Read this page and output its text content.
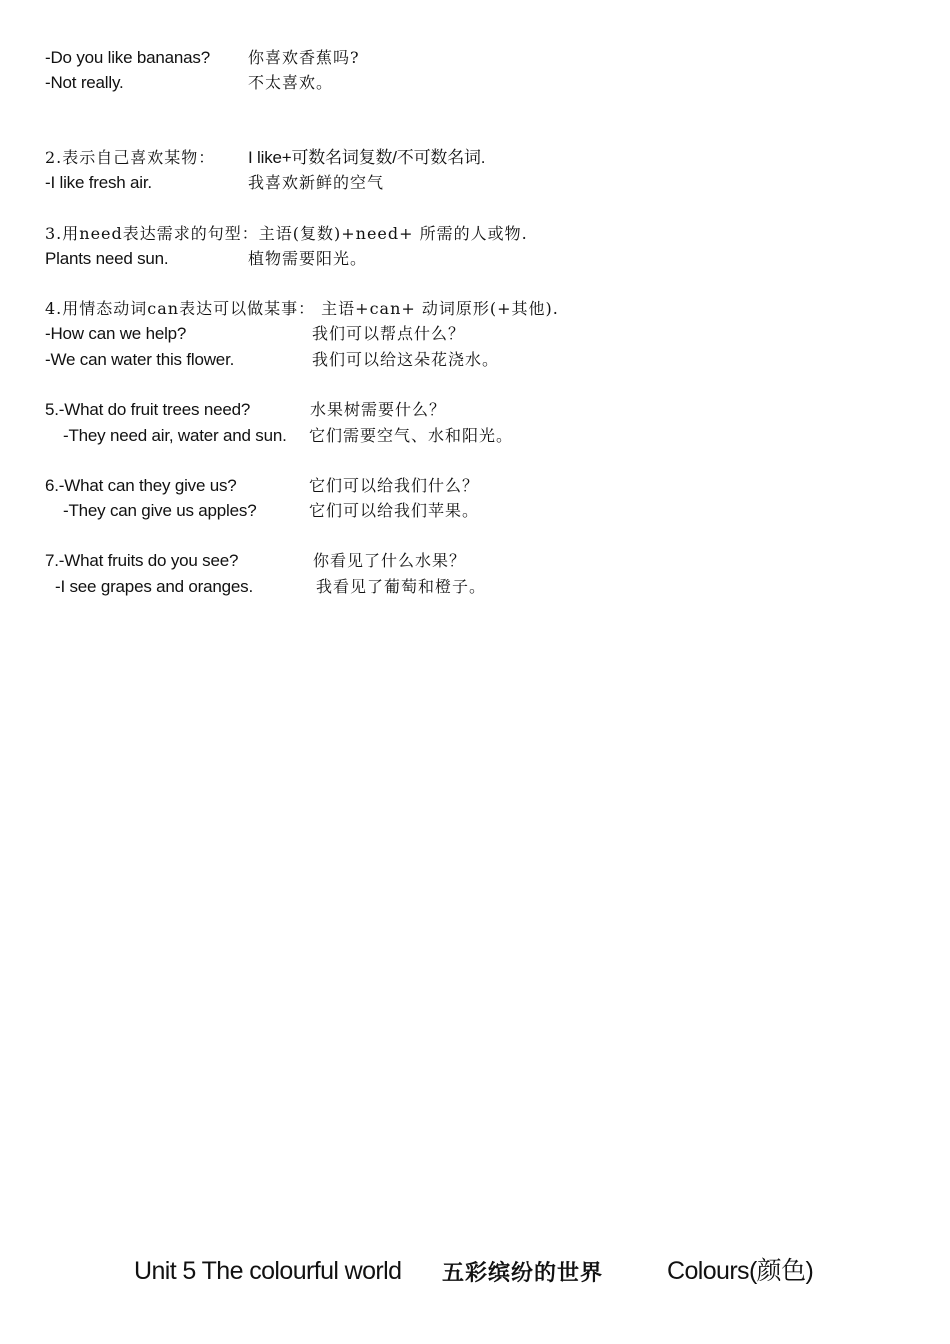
-Do you like bananas? 你喜欢香蕉吗?
-Not really.	不太喜欢。
2.表示自己喜欢某物： I like+可数名词复数/不可数名词.
-I like fresh air.	我喜欢新鲜的空气
3.用need表达需求的句型：主语(复数)+need+ 所需的人或物.
Plants need sun.	植物需要阳光。
4.用情态动词can表达可以做某事： 主语+can+ 动词原形(+其他).
-How can we help?	我们可以帮点什么？
-We can water this flower.	我们可以给这朵花浇水。
5.-What do fruit trees need?	水果树需要什么？
-They need air, water and sun. 它们需要空气、水和阳光。
6.-What can they give us?	它们可以给我们什么？
-They can give us apples?	它们可以给我们苹果。
7.-What fruits do you see?	你看见了什么水果？
-I see grapes and oranges.	我看见了葡萄和橙子。
Unit 5 The colourful world 五彩缤纷的世界	Colours(颜色)
